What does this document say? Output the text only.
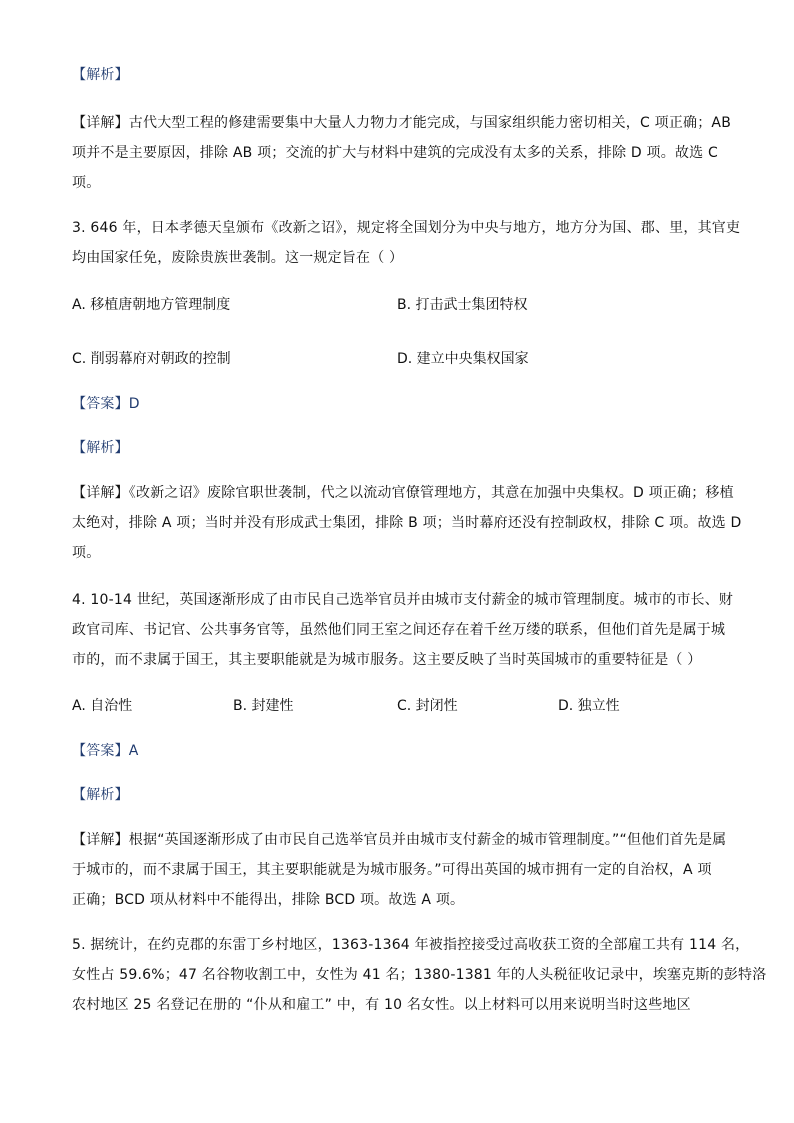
【解析】
【详解】古代大型工程的修建需要集中大量人力物力才能完成，与国家组织能力密切相关，C 项正确；AB
项并不是主要原因，排除 AB 项；交流的扩大与材料中建筑的完成没有太多的关系，排除 D 项。故选 C
项。
3. 646 年，日本孝德天皇颁布《改新之诏》，规定将全国划分为中央与地方，地方分为国、郡、里，其官吏
均由国家任免，废除贵族世袭制。这一规定旨在（ ）
A. 移植唐朝地方管理制度	B. 打击武士集团特权
C. 削弱幕府对朝政的控制	D. 建立中央集权国家
【答案】D
【解析】
【详解】《改新之诏》废除官职世袭制，代之以流动官僚管理地方，其意在加强中央集权。D 项正确；移植
太绝对，排除 A 项；当时并没有形成武士集团，排除 B 项；当时幕府还没有控制政权，排除 C 项。故选 D
项。
4. 10-14 世纪，英国逐渐形成了由市民自己选举官员并由城市支付薪金的城市管理制度。城市的市长、财
政官司库、书记官、公共事务官等，虽然他们同王室之间还存在着千丝万缕的联系，但他们首先是属于城
市的，而不隶属于国王，其主要职能就是为城市服务。这主要反映了当时英国城市的重要特征是（ ）
A. 自治性	B. 封建性	C. 封闭性	D. 独立性
【答案】A
【解析】
【详解】根据“英国逐渐形成了由市民自己选举官员并由城市支付薪金的城市管理制度。”“但他们首先是属
于城市的，而不隶属于国王，其主要职能就是为城市服务。”可得出英国的城市拥有一定的自治权，A 项
正确；BCD 项从材料中不能得出，排除 BCD 项。故选 A 项。
5. 据统计，在约克郡的东雷丁乡村地区，1363-1364 年被指控接受过高收获工资的全部雇工共有 114 名，
女性占 59.6%；47 名谷物收割工中，女性为 41 名；1380-1381 年的人头税征收记录中，埃塞克斯的彭特洛
农村地区 25 名登记在册的 “仆从和雇工” 中，有 10 名女性。以上材料可以用来说明当时这些地区
